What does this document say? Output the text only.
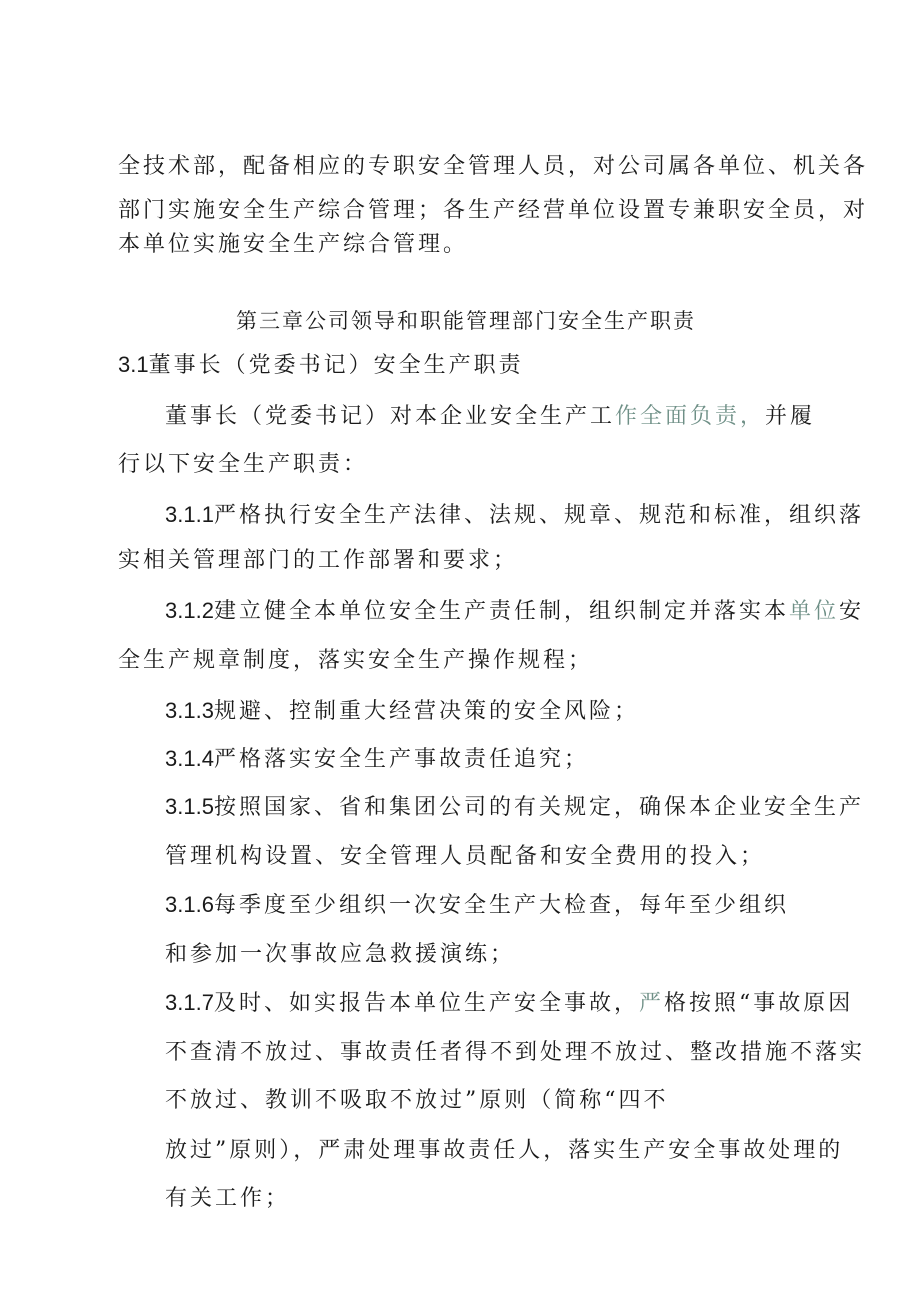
全技术部，配备相应的专职安全管理人员，对公司属各单位、机关各
部门实施安全生产综合管理；各生产经营单位设置专兼职安全员，对
本单位实施安全生产综合管理。
第三章公司领导和职能管理部门安全生产职责
3.1董事长（党委书记）安全生产职责
董事长（党委书记）对本企业安全生产工作全面负责，并履
行以下安全生产职责：
3.1.1严格执行安全生产法律、法规、规章、规范和标准，组织落
实相关管理部门的工作部署和要求；
3.1.2建立健全本单位安全生产责任制，组织制定并落实本单位安
全生产规章制度，落实安全生产操作规程；
3.1.3规避、控制重大经营决策的安全风险；
3.1.4严格落实安全生产事故责任追究；
3.1.5按照国家、省和集团公司的有关规定，确保本企业安全生产
管理机构设置、安全管理人员配备和安全费用的投入；
3.1.6每季度至少组织一次安全生产大检查，每年至少组织
和参加一次事故应急救援演练；
3.1.7及时、如实报告本单位生产安全事故，严格按照“事故原因
不查清不放过、事故责任者得不到处理不放过、整改措施不落实
不放过、教训不吸取不放过”原则（简称“四不
放过”原则），严肃处理事故责任人，落实生产安全事故处理的
有关工作；
